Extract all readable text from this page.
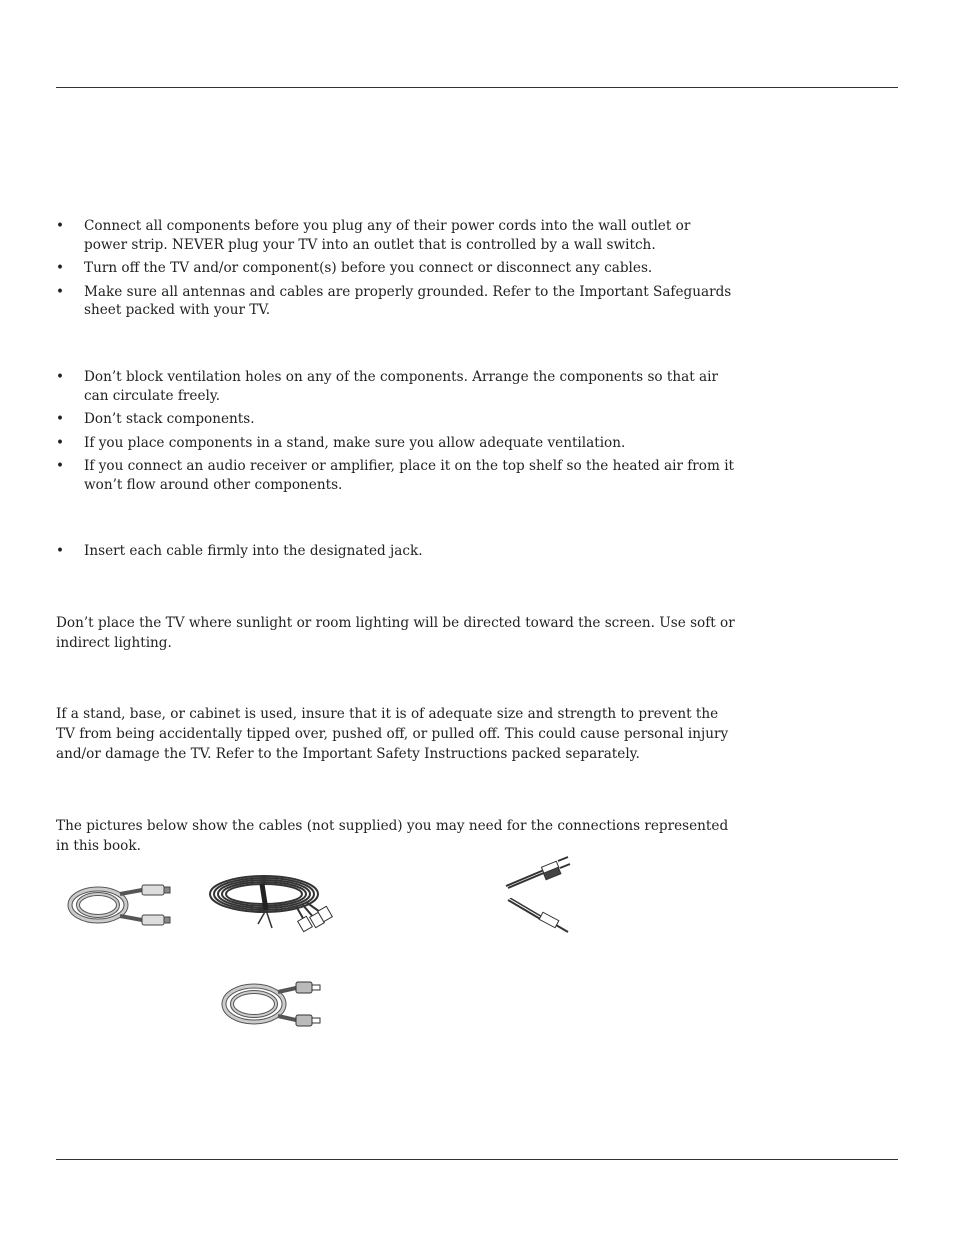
• Connect all components before you plug any of their power cords into the wall outlet or power strip. NEVER plug your TV into an outlet that is controlled by a wall switch.
• Turn off the TV and/or component(s) before you connect or disconnect any cables.
• Make sure all antennas and cables are properly grounded. Refer to the Important Safeguards sheet packed with your TV.
• Don’t block ventilation holes on any of the components. Arrange the components so that air can circulate freely.
• Don’t stack components.
• If you place components in a stand, make sure you allow adequate ventilation.
• If you connect an audio receiver or amplifier, place it on the top shelf so the heated air from it won’t flow around other components.
• Insert each cable firmly into the designated jack.

Don’t place the TV where sunlight or room lighting will be directed toward the screen. Use soft or indirect lighting.

If a stand, base, or cabinet is used, insure that it is of adequate size and strength to prevent the TV from being accidentally tipped over, pushed off, or pulled off. This could cause personal injury and/or damage the TV. Refer to the Important Safety Instructions packed separately.

The pictures below show the cables (not supplied) you may need for the connections represented in this book.
